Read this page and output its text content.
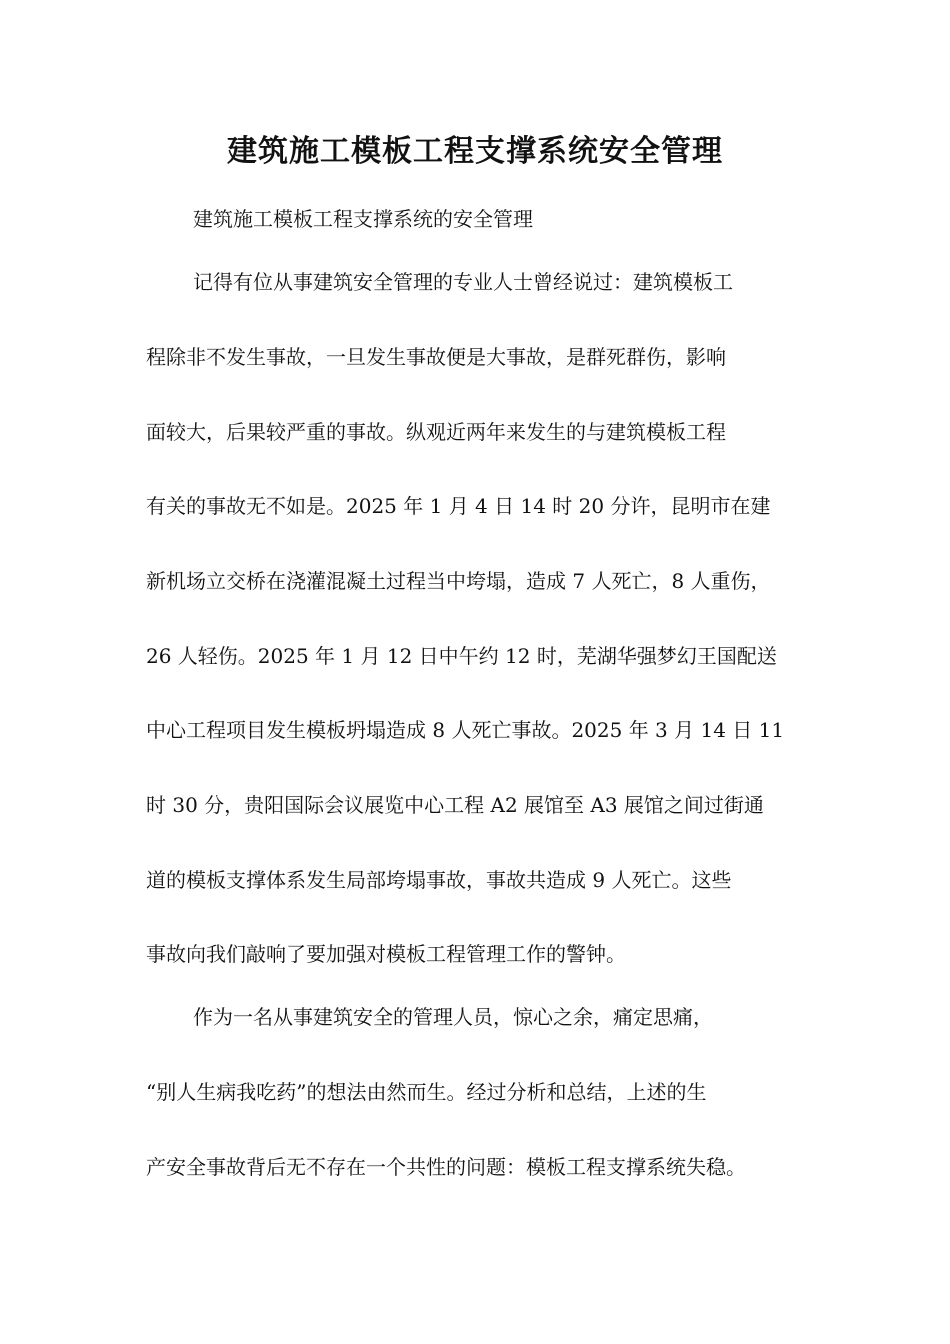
建筑施工模板工程支撑系统安全管理

建筑施工模板工程支撑系统的安全管理

记得有位从事建筑安全管理的专业人士曾经说过：建筑模板工

程除非不发生事故，一旦发生事故便是大事故，是群死群伤，影响

面较大，后果较严重的事故。纵观近两年来发生的与建筑模板工程

有关的事故无不如是。2025 年 1 月 4 日 14 时 20 分许，昆明市在建

新机场立交桥在浇灌混凝土过程当中垮塌，造成 7 人死亡，8 人重伤，

26 人轻伤。2025 年 1 月 12 日中午约 12 时，芜湖华强梦幻王国配送

中心工程项目发生模板坍塌造成 8 人死亡事故。2025 年 3 月 14 日 11

时 30 分，贵阳国际会议展览中心工程 A2 展馆至 A3 展馆之间过街通

道的模板支撑体系发生局部垮塌事故，事故共造成 9 人死亡。这些

事故向我们敲响了要加强对模板工程管理工作的警钟。

作为一名从事建筑安全的管理人员，惊心之余，痛定思痛，

“别人生病我吃药”的想法由然而生。经过分析和总结，上述的生

产安全事故背后无不存在一个共性的问题：模板工程支撑系统失稳。
